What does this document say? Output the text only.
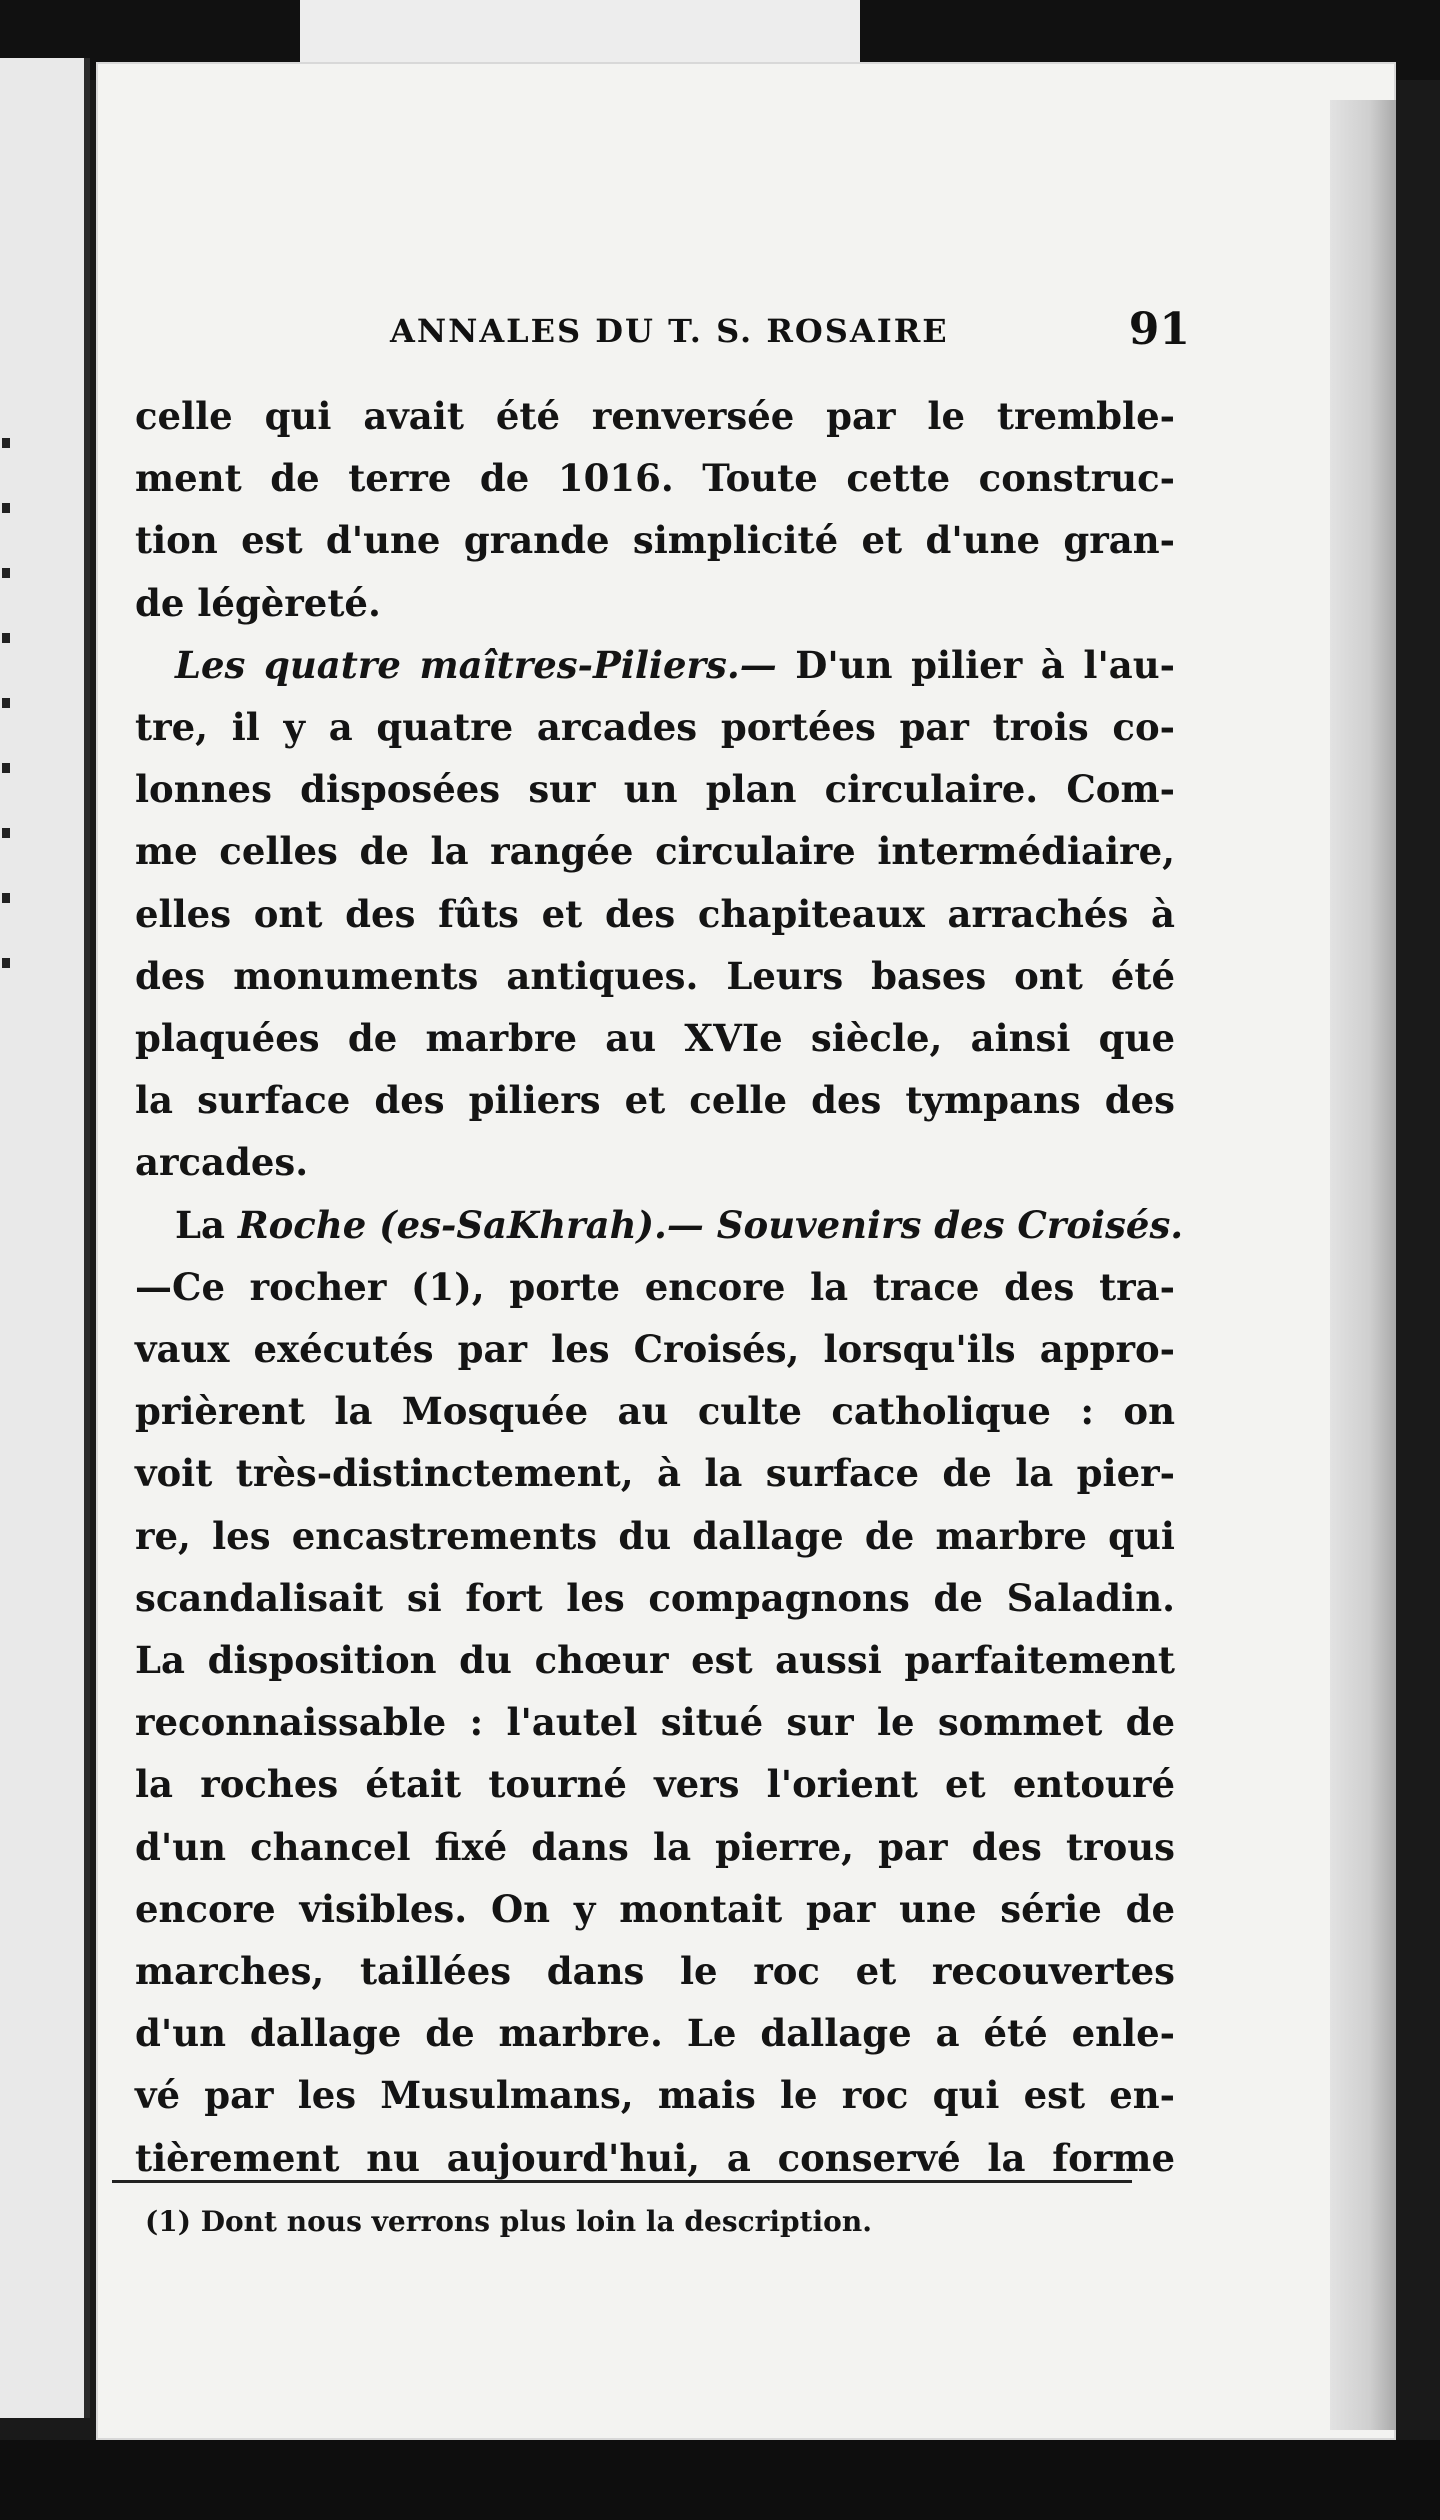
ANNALES DU T. S. ROSAIRE	91
celle qui avait été renversée par le tremble-
ment de terre de 1016. Toute cette construc-
tion est d'une grande simplicité et d'une gran-
de légèreté.
Les quatre maîtres-Piliers.— D'un pilier à l'au-
tre, il y a quatre arcades portées par trois co-
lonnes disposées sur un plan circulaire. Com-
me celles de la rangée circulaire intermédiaire,
elles ont des fûts et des chapiteaux arrachés à
des monuments antiques. Leurs bases ont été
plaquées de marbre au XVIe siècle, ainsi que
la surface des piliers et celle des tympans des
arcades.
La Roche (es-SaKhrah).— Souvenirs des Croisés.
—Ce rocher (1), porte encore la trace des tra-
vaux exécutés par les Croisés, lorsqu'ils appro-
prièrent la Mosquée au culte catholique : on
voit très-distinctement, à la surface de la pier-
re, les encastrements du dallage de marbre qui
scandalisait si fort les compagnons de Saladin.
La disposition du chœur est aussi parfaitement
reconnaissable : l'autel situé sur le sommet de
la roches était tourné vers l'orient et entouré
d'un chancel fixé dans la pierre, par des trous
encore visibles. On y montait par une série de
marches, taillées dans le roc et recouvertes
d'un dallage de marbre. Le dallage a été enle-
vé par les Musulmans, mais le roc qui est en-
tièrement nu aujourd'hui, a conservé la forme
(1) Dont nous verrons plus loin la description.
